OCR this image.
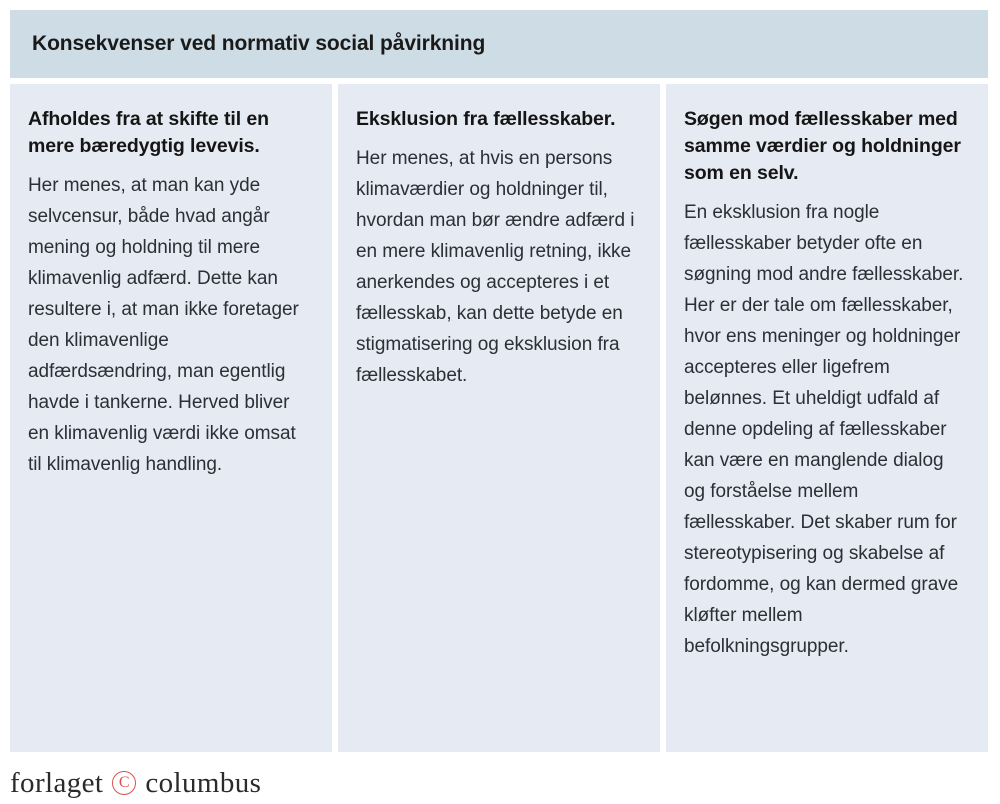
Konsekvenser ved normativ social påvirkning

Afholdes fra at skifte til en mere bæredygtig levevis.

Her menes, at man kan yde selvcensur, både hvad angår mening og holdning til mere klimavenlig adfærd. Dette kan resultere i, at man ikke foretager den klimavenlige adfærdsændring, man egentlig havde i tankerne. Herved bliver en klimavenlig værdi ikke omsat til klimavenlig handling.

Eksklusion fra fællesskaber.

Her menes, at hvis en persons klimaværdier og holdninger til, hvordan man bør ændre adfærd i en mere klimavenlig retning, ikke anerkendes og accepteres i et fællesskab, kan dette betyde en stigmatisering og eksklusion fra fællesskabet.

Søgen mod fællesskaber med samme værdier og holdninger som en selv.

En eksklusion fra nogle fællesskaber betyder ofte en søgning mod andre fællesskaber. Her er der tale om fællesskaber, hvor ens meninger og holdninger accepteres eller ligefrem belønnes. Et uheldigt udfald af denne opdeling af fællesskaber kan være en manglende dialog og forståelse mellem fællesskaber. Det skaber rum for stereotypisering og skabelse af fordomme, og kan dermed grave kløfter mellem befolkningsgrupper.

forlaget C columbus
